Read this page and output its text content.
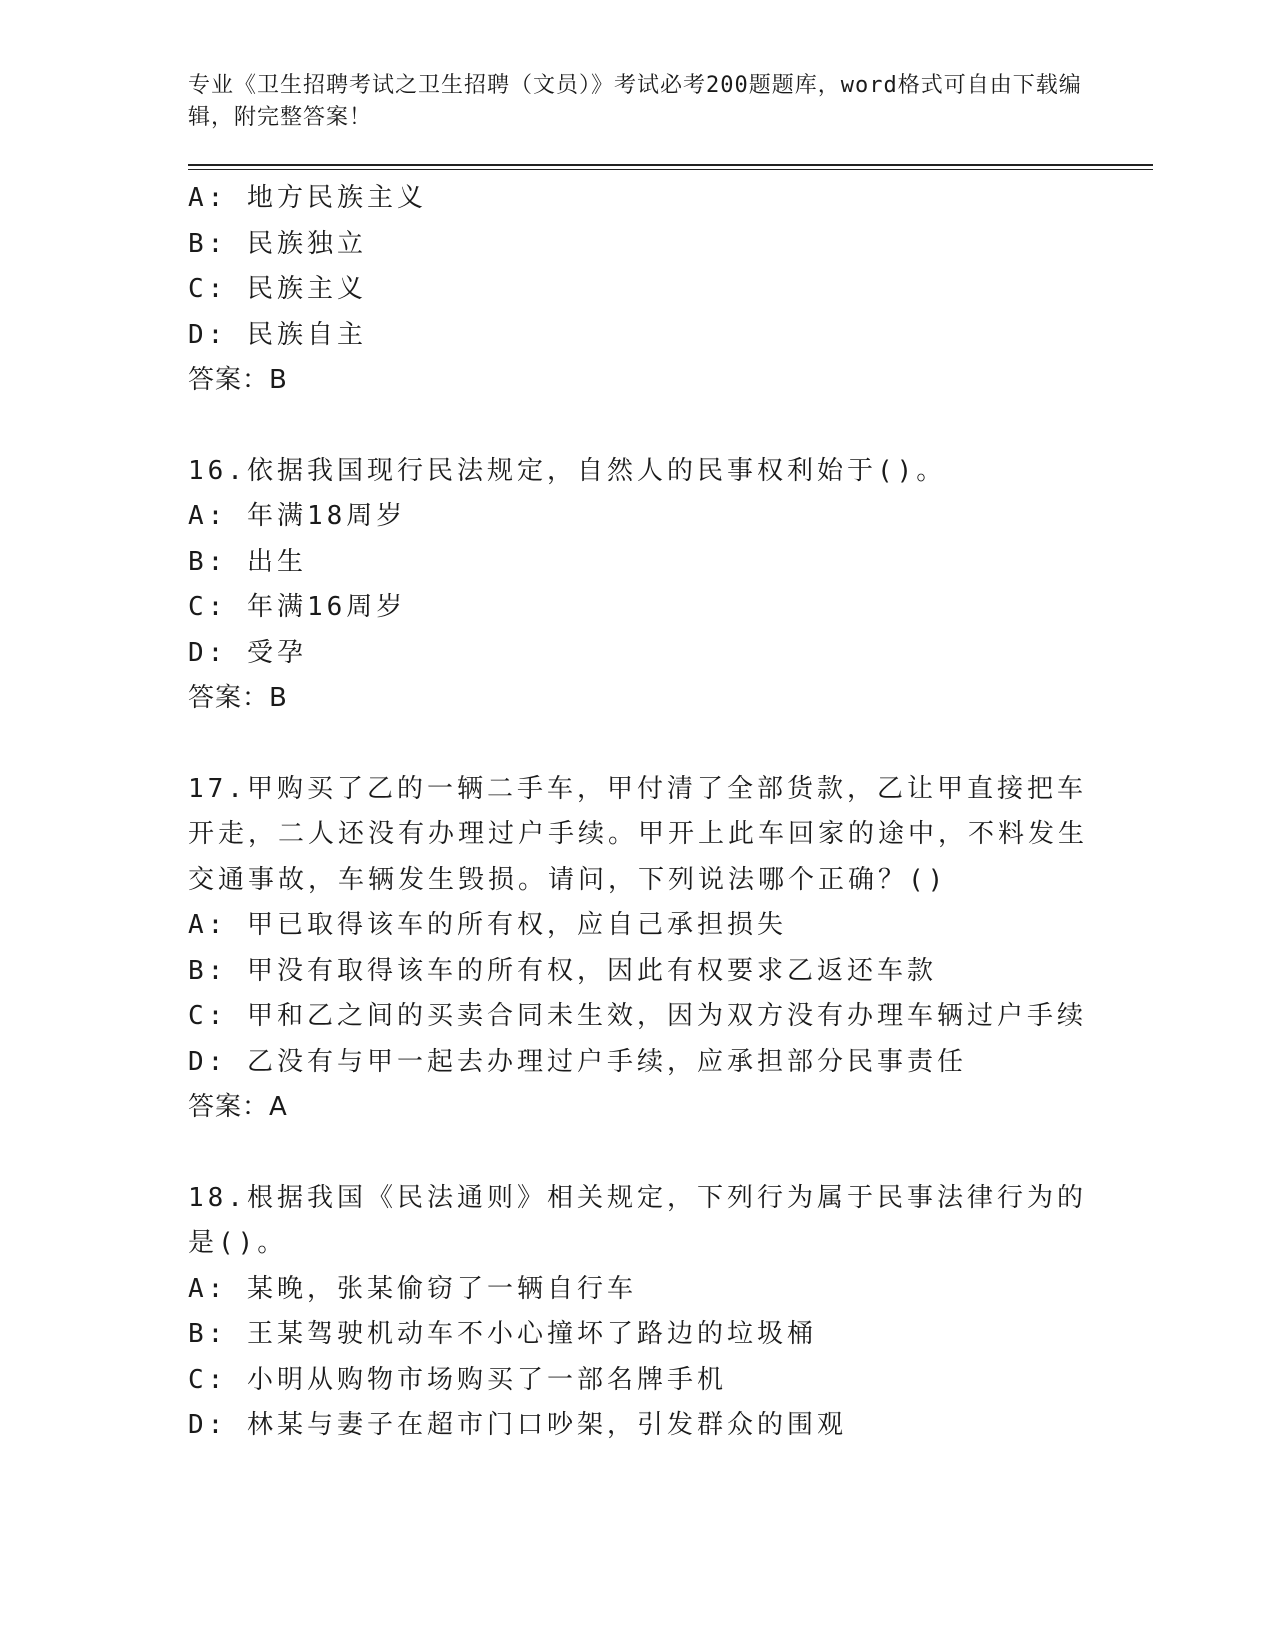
专业《卫生招聘考试之卫生招聘（文员）》考试必考200题题库，word格式可自由下载编辑，附完整答案！

A: 地方民族主义
B: 民族独立
C: 民族主义
D: 民族自主
答案：B
16.依据我国现行民法规定，自然人的民事权利始于()。
A: 年满18周岁
B: 出生
C: 年满16周岁
D: 受孕
答案：B
17.甲购买了乙的一辆二手车，甲付清了全部货款，乙让甲直接把车开走，二人还没有办理过户手续。甲开上此车回家的途中，不料发生交通事故，车辆发生毁损。请问，下列说法哪个正确？()
A: 甲已取得该车的所有权，应自己承担损失
B: 甲没有取得该车的所有权，因此有权要求乙返还车款
C: 甲和乙之间的买卖合同未生效，因为双方没有办理车辆过户手续
D: 乙没有与甲一起去办理过户手续，应承担部分民事责任
答案：A
18.根据我国《民法通则》相关规定，下列行为属于民事法律行为的是()。
A: 某晚，张某偷窃了一辆自行车
B: 王某驾驶机动车不小心撞坏了路边的垃圾桶
C: 小明从购物市场购买了一部名牌手机
D: 林某与妻子在超市门口吵架，引发群众的围观
